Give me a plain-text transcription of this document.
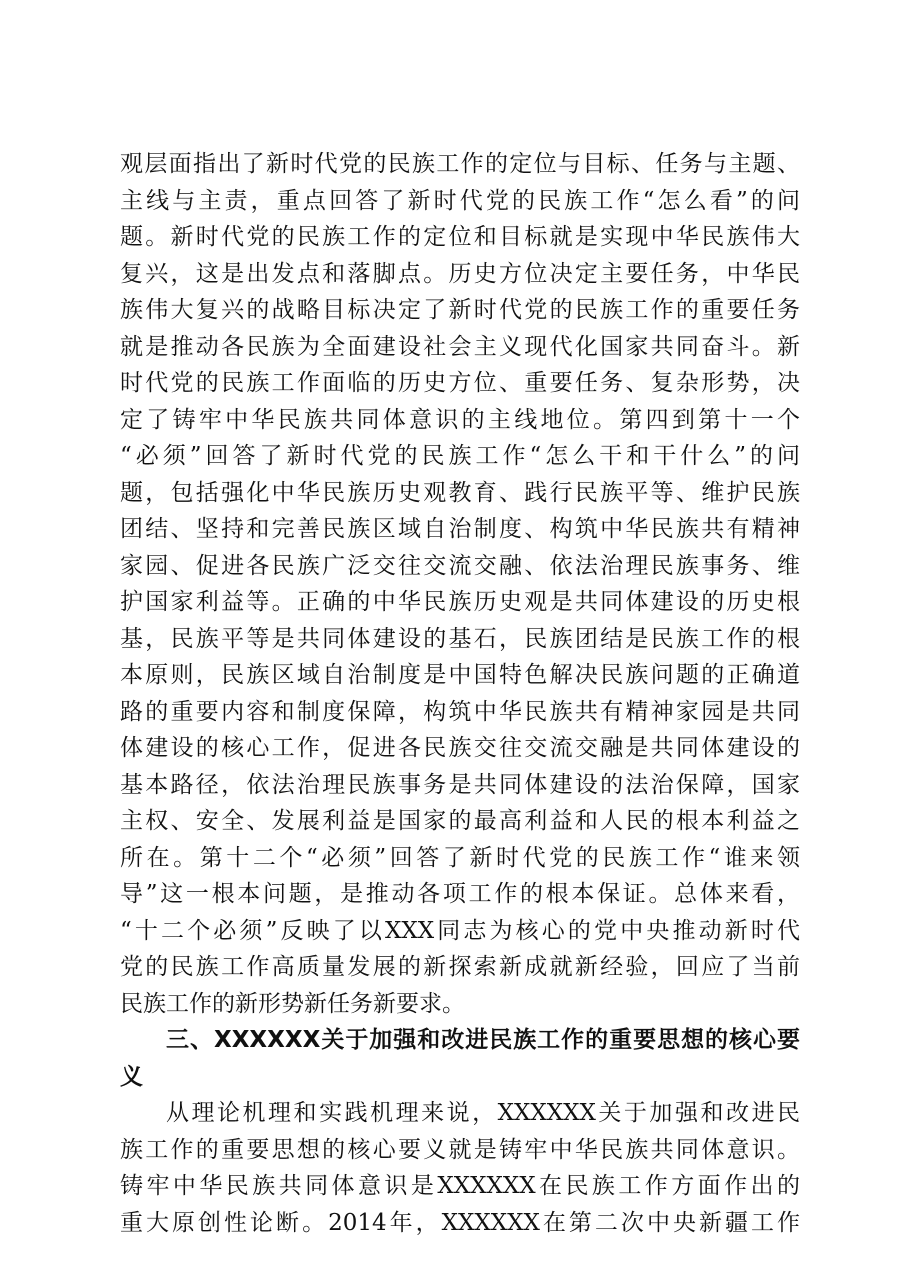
观层面指出了新时代党的民族工作的定位与目标、任务与主题、
主线与主责，重点回答了新时代党的民族工作“怎么看”的问
题。新时代党的民族工作的定位和目标就是实现中华民族伟大
复兴，这是出发点和落脚点。历史方位决定主要任务，中华民
族伟大复兴的战略目标决定了新时代党的民族工作的重要任务
就是推动各民族为全面建设社会主义现代化国家共同奋斗。新
时代党的民族工作面临的历史方位、重要任务、复杂形势，决
定了铸牢中华民族共同体意识的主线地位。第四到第十一个
“必须”回答了新时代党的民族工作“怎么干和干什么”的问
题，包括强化中华民族历史观教育、践行民族平等、维护民族
团结、坚持和完善民族区域自治制度、构筑中华民族共有精神
家园、促进各民族广泛交往交流交融、依法治理民族事务、维
护国家利益等。正确的中华民族历史观是共同体建设的历史根
基，民族平等是共同体建设的基石，民族团结是民族工作的根
本原则，民族区域自治制度是中国特色解决民族问题的正确道
路的重要内容和制度保障，构筑中华民族共有精神家园是共同
体建设的核心工作，促进各民族交往交流交融是共同体建设的
基本路径，依法治理民族事务是共同体建设的法治保障，国家
主权、安全、发展利益是国家的最高利益和人民的根本利益之
所在。第十二个“必须”回答了新时代党的民族工作“谁来领
导”这一根本问题，是推动各项工作的根本保证。总体来看，
“十二个必须”反映了以XXX同志为核心的党中央推动新时代
党的民族工作高质量发展的新探索新成就新经验，回应了当前
民族工作的新形势新任务新要求。
三、XXXXXX关于加强和改进民族工作的重要思想的核心要
义
从理论机理和实践机理来说，XXXXXX关于加强和改进民
族工作的重要思想的核心要义就是铸牢中华民族共同体意识。
铸牢中华民族共同体意识是XXXXXX在民族工作方面作出的
重大原创性论断。2014年，XXXXXX在第二次中央新疆工作
